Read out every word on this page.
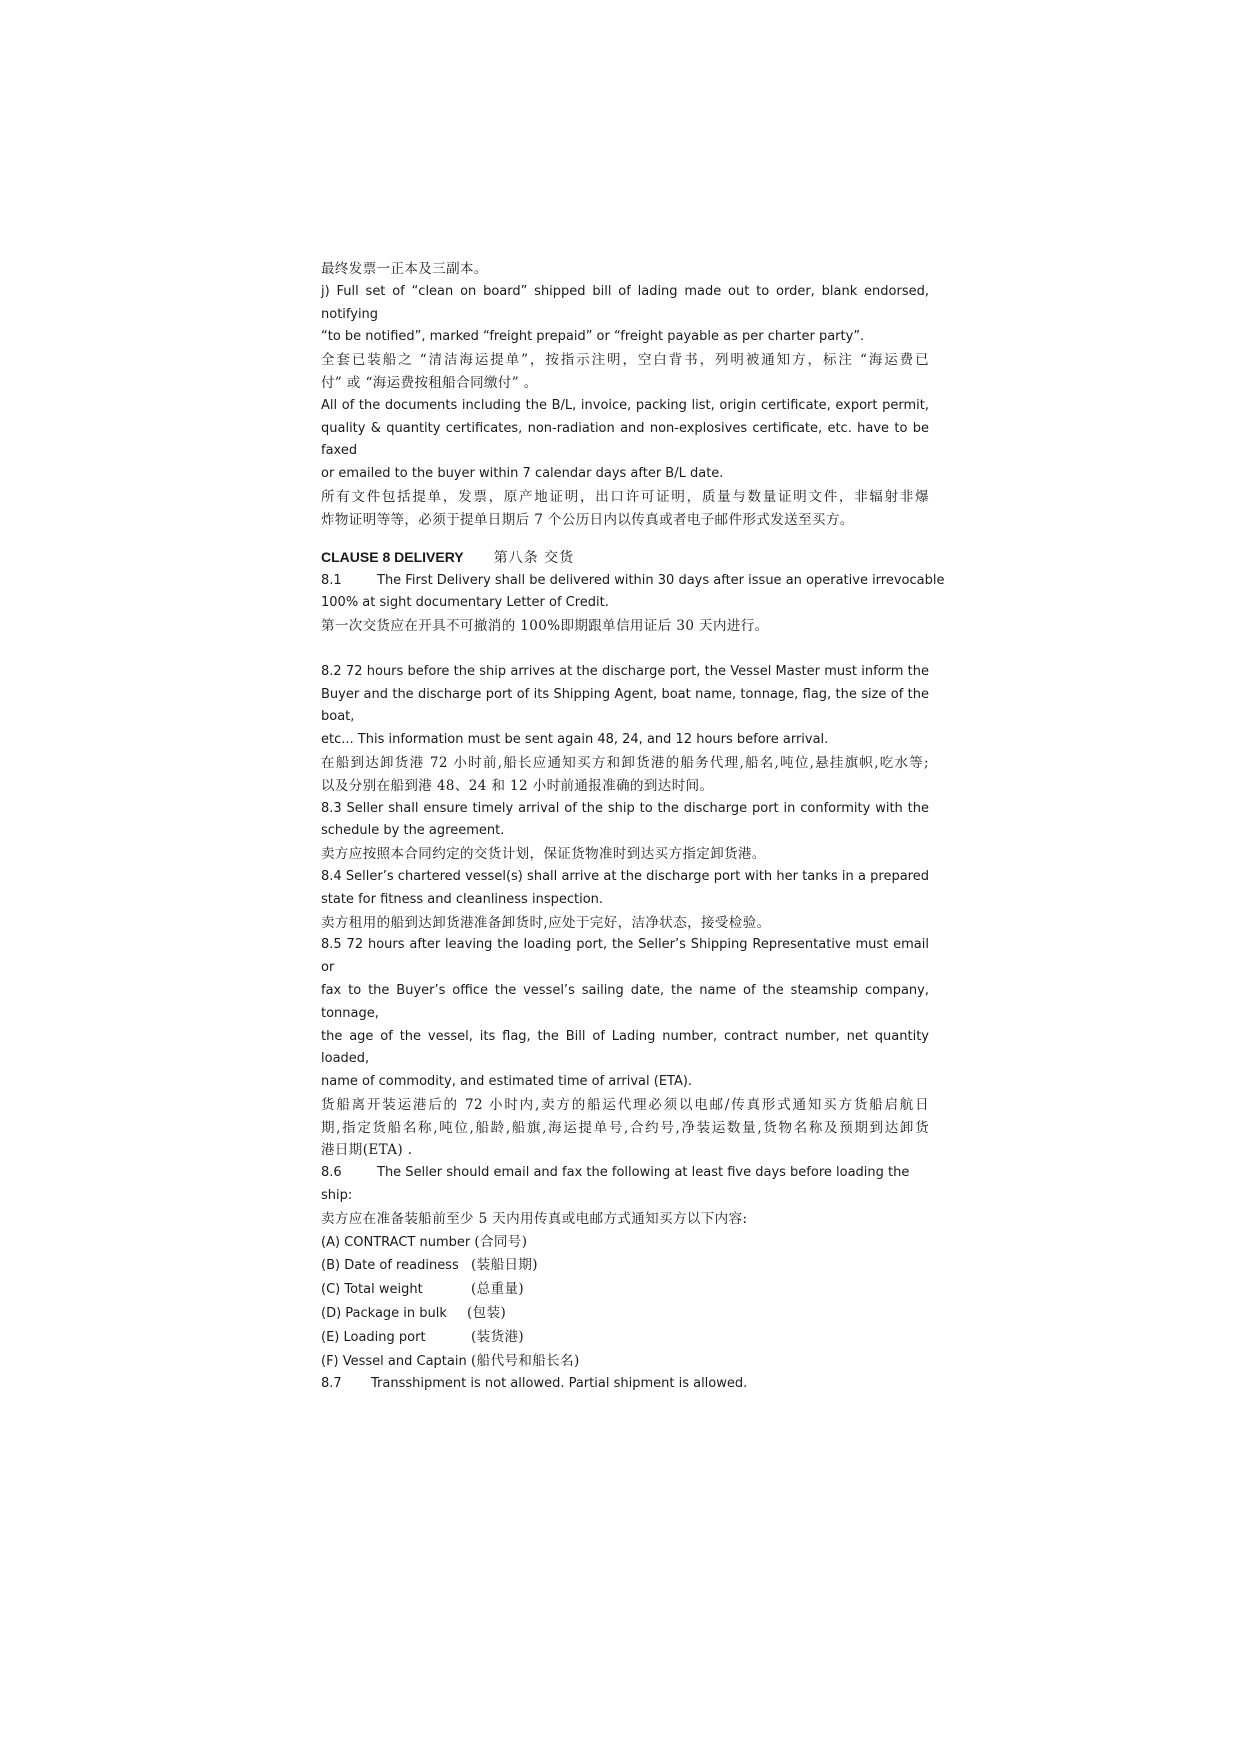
最终发票一正本及三副本。

j) Full set of “clean on board” shipped bill of lading made out to order, blank endorsed, notifying

“to be notified”, marked “freight prepaid” or “freight payable as per charter party”.

全套已装船之 “清洁海运提单”，按指示注明，空白背书，列明被通知方，标注 “海运费已

付” 或 “海运费按租船合同缴付” 。

All of the documents including the B/L, invoice, packing list, origin certificate, export permit,

quality & quantity certificates, non-radiation and non-explosives certificate, etc. have to be faxed

or emailed to the buyer within 7 calendar days after B/L date.

所有文件包括提单，发票，原产地证明，出口许可证明，质量与数量证明文件，非辐射非爆

炸物证明等等，必须于提单日期后 7 个公历日内以传真或者电子邮件形式发送至买方。

CLAUSE 8 DELIVERY 第八条 交货

8.1	The First Delivery shall be delivered within 30 days after issue an operative irrevocable

100% at sight documentary Letter of Credit.

第一次交货应在开具不可撤消的 100%即期跟单信用证后 30 天内进行。

8.2 72 hours before the ship arrives at the discharge port, the Vessel Master must inform the

Buyer and the discharge port of its Shipping Agent, boat name, tonnage, flag, the size of the boat,

etc... This information must be sent again 48, 24, and 12 hours before arrival.

在船到达卸货港 72 小时前,船长应通知买方和卸货港的船务代理,船名,吨位,悬挂旗帜,吃水等;

以及分别在船到港 48、24 和 12 小时前通报准确的到达时间。

8.3 Seller shall ensure timely arrival of the ship to the discharge port in conformity with the

schedule by the agreement.

卖方应按照本合同约定的交货计划，保证货物准时到达买方指定卸货港。

8.4 Seller’s chartered vessel(s) shall arrive at the discharge port with her tanks in a prepared

state for fitness and cleanliness inspection.

卖方租用的船到达卸货港准备卸货时,应处于完好，洁净状态，接受检验。

8.5 72 hours after leaving the loading port, the Seller’s Shipping Representative must email or

fax to the Buyer’s office the vessel’s sailing date, the name of the steamship company, tonnage,

the age of the vessel, its flag, the Bill of Lading number, contract number, net quantity loaded,

name of commodity, and estimated time of arrival (ETA).

货船离开装运港后的 72 小时内,卖方的船运代理必须以电邮/传真形式通知买方货船启航日

期,指定货船名称,吨位,船龄,船旗,海运提单号,合约号,净装运数量,货物名称及预期到达卸货

港日期(ETA) .

8.6	The Seller should email and fax the following at least five days before loading the

ship:

卖方应在准备装船前至少 5 天内用传真或电邮方式通知买方以下内容:

(A) CONTRACT number (合同号)

(B) Date of readiness (装船日期)

(C) Total weight	(总重量)

(D) Package in bulk (包装)

(E) Loading port	(装货港)

(F) Vessel and Captain (船代号和船长名)

8.7 Transshipment is not allowed. Partial shipment is allowed.
